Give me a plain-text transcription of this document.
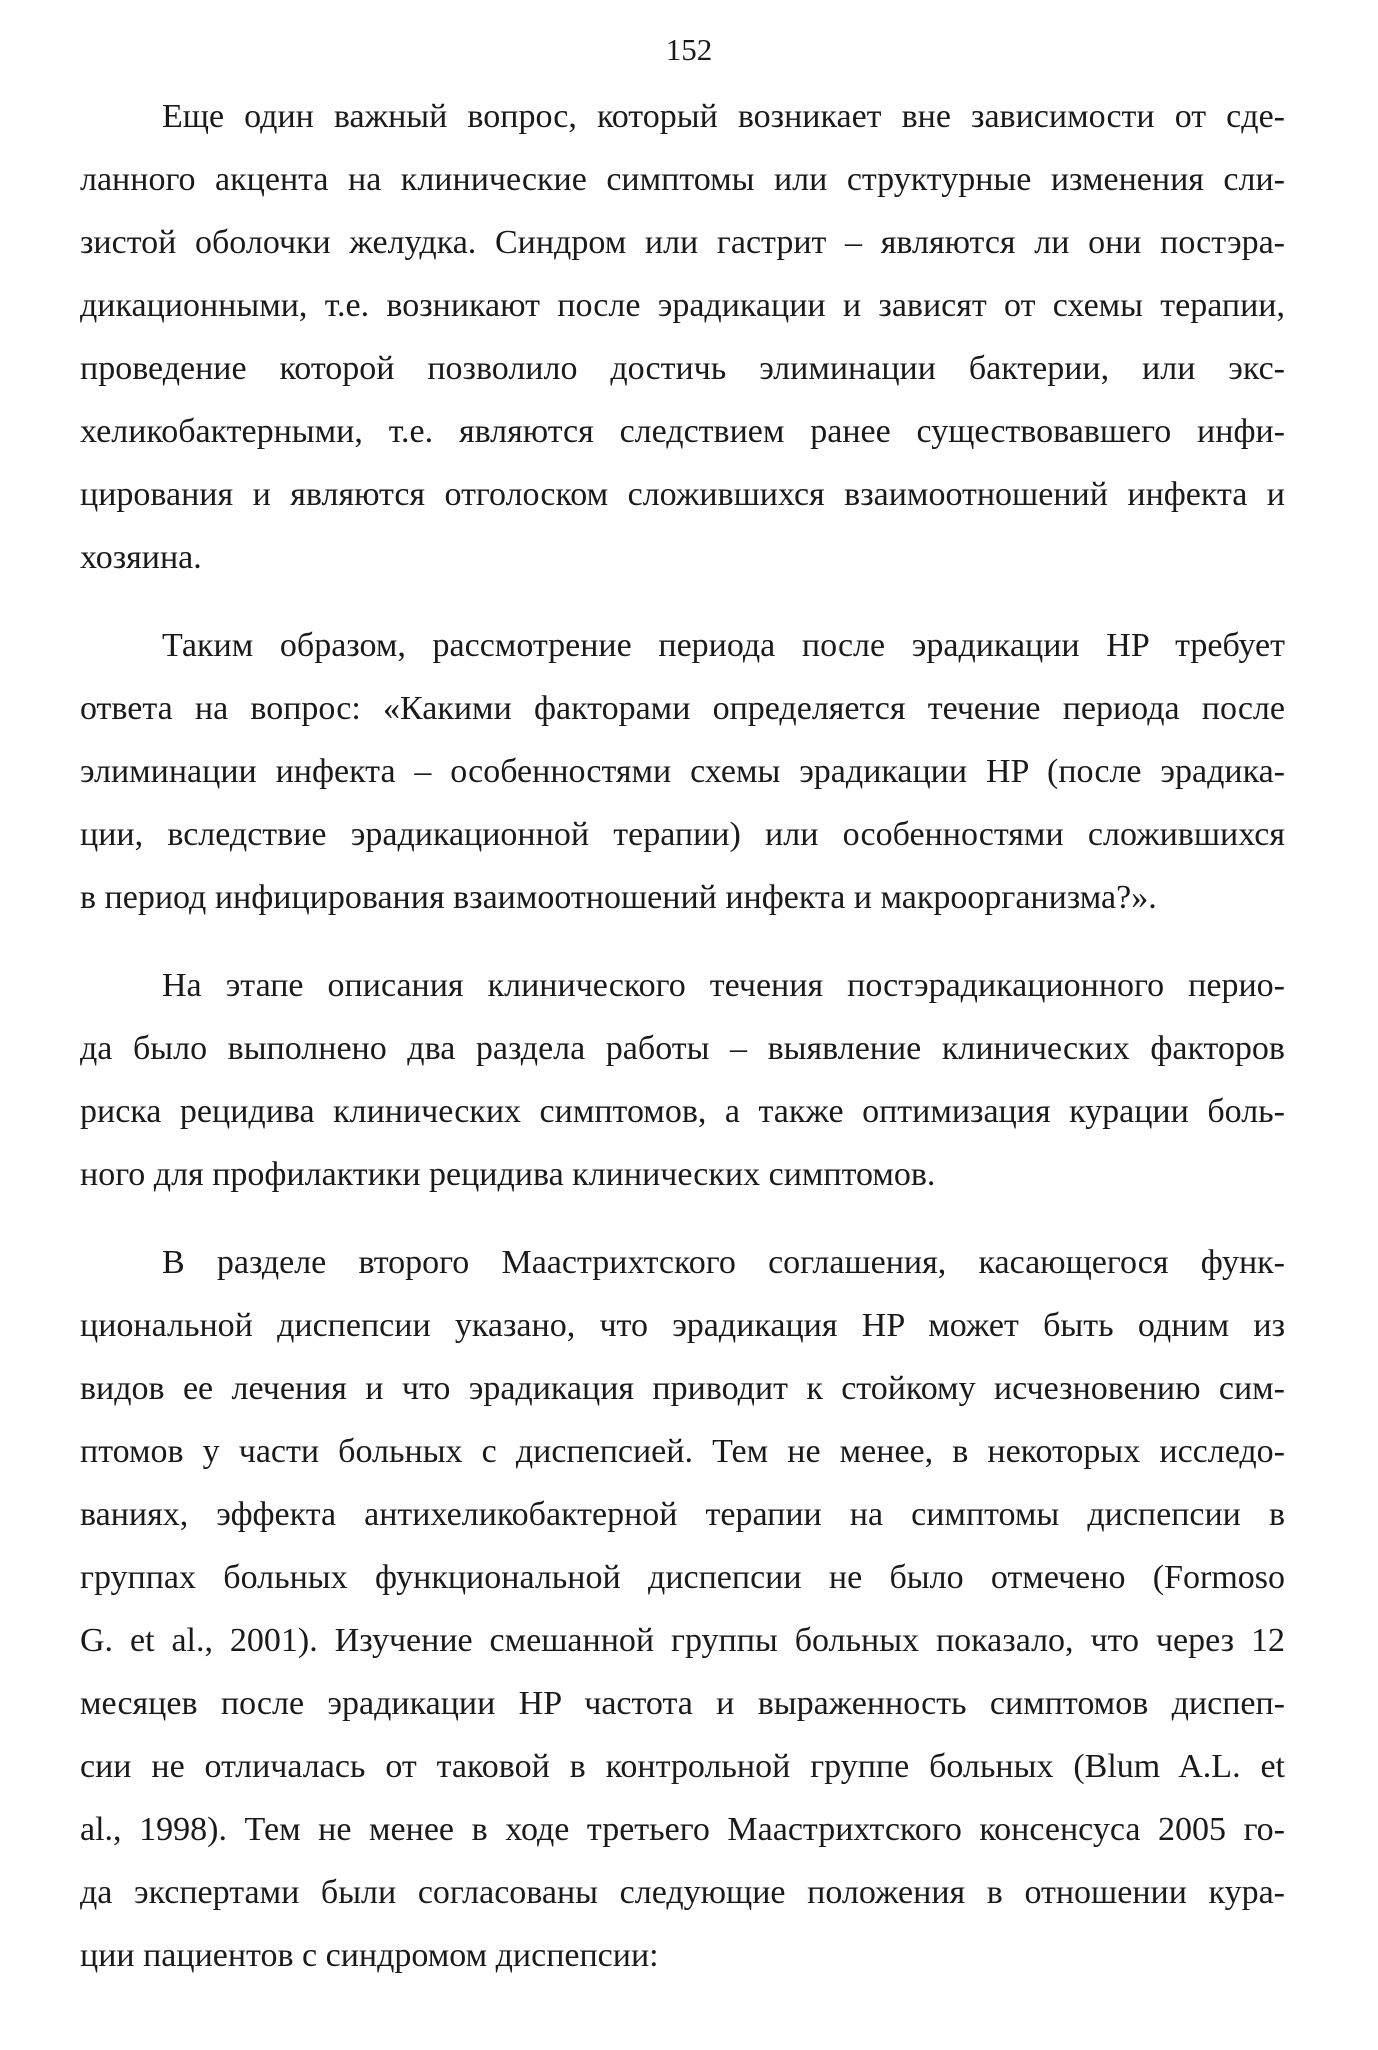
152

Еще один важный вопрос, который возникает вне зависимости от сде-
ланного акцента на клинические симптомы или структурные изменения сли-
зистой оболочки желудка. Синдром или гастрит – являются ли они постэра-
дикационными, т.е. возникают после эрадикации и зависят от схемы терапии,
проведение которой позволило достичь элиминации бактерии, или экс-
хеликобактерными, т.е. являются следствием ранее существовавшего инфи-
цирования и являются отголоском сложившихся взаимоотношений инфекта и
хозяина.

Таким образом, рассмотрение периода после эрадикации HP требует
ответа на вопрос: «Какими факторами определяется течение периода после
элиминации инфекта – особенностями схемы эрадикации HP (после эрадика-
ции, вследствие эрадикационной терапии) или особенностями сложившихся
в период инфицирования взаимоотношений инфекта и макроорганизма?».

На этапе описания клинического течения постэрадикационного перио-
да было выполнено два раздела работы – выявление клинических факторов
риска рецидива клинических симптомов, а также оптимизация курации боль-
ного для профилактики рецидива клинических симптомов.

В разделе второго Маастрихтского соглашения, касающегося функ-
циональной диспепсии указано, что эрадикация HP может быть одним из
видов ее лечения и что эрадикация приводит к стойкому исчезновению сим-
птомов у части больных с диспепсией. Тем не менее, в некоторых исследо-
ваниях, эффекта антихеликобактерной терапии на симптомы диспепсии в
группах больных функциональной диспепсии не было отмечено (Formoso
G. et al., 2001). Изучение смешанной группы больных показало, что через 12
месяцев после эрадикации HP частота и выраженность симптомов диспеп-
сии не отличалась от таковой в контрольной группе больных (Blum A.L. et
al., 1998). Тем не менее в ходе третьего Маастрихтского консенсуса 2005 го-
да экспертами были согласованы следующие положения в отношении кура-
ции пациентов с синдромом диспепсии:
